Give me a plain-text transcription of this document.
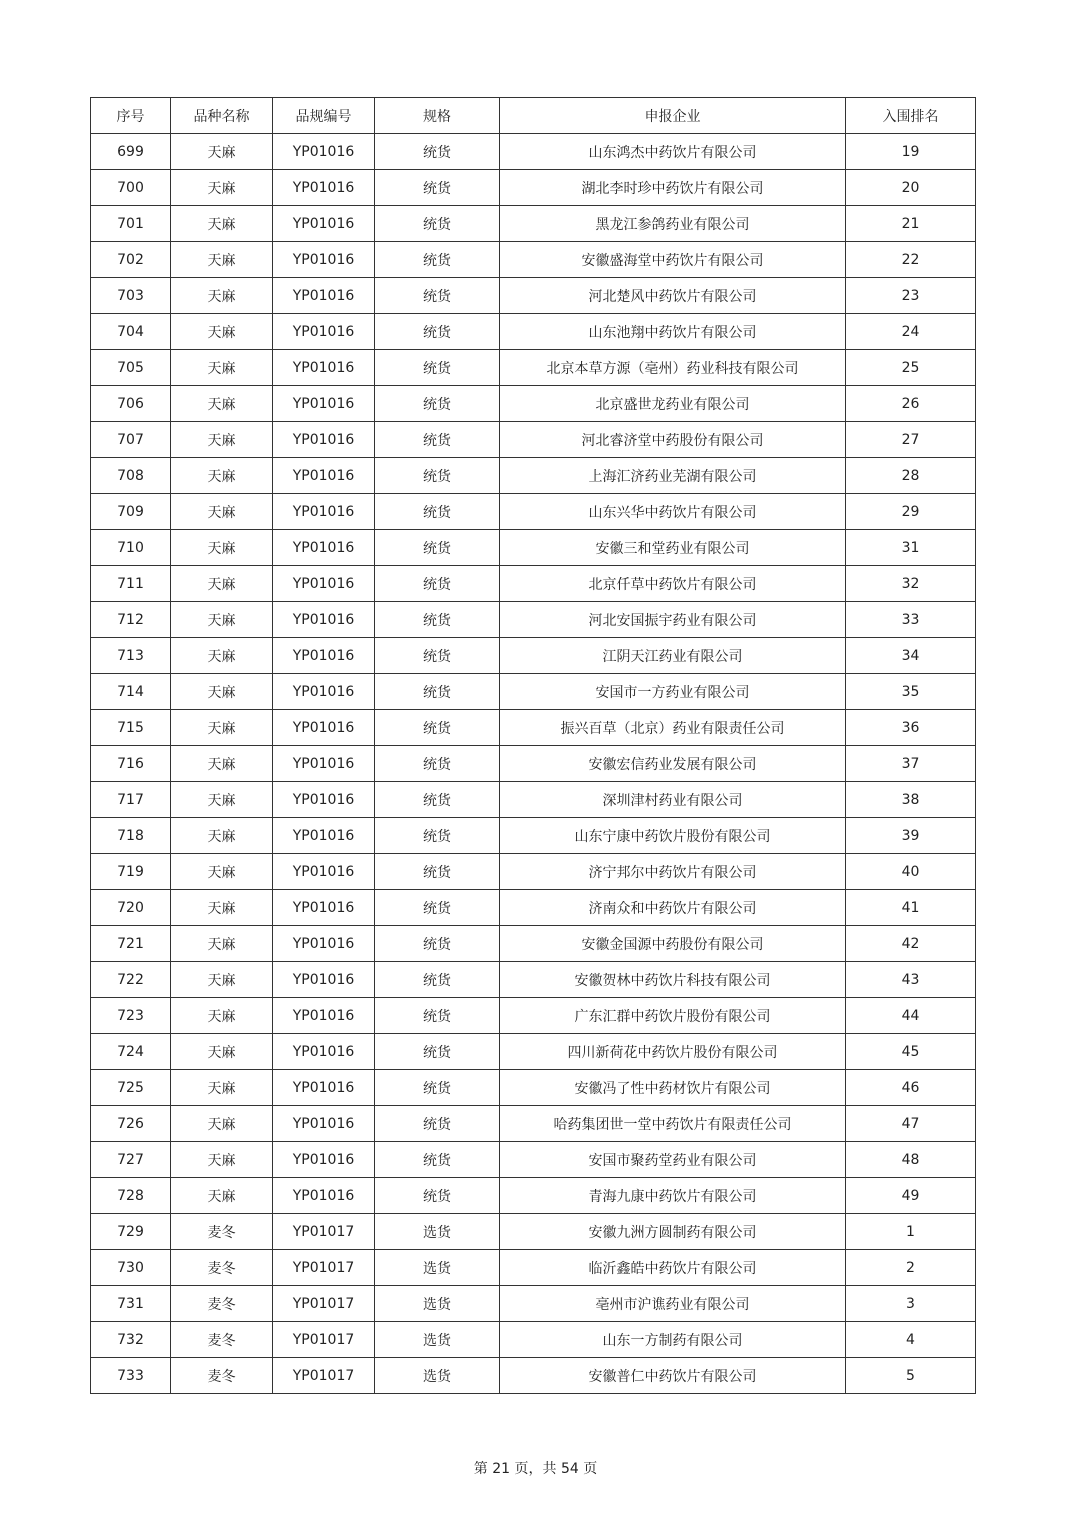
序号	品种名称	品规编号	规格	申报企业	入围排名
699	天麻	YP01016	统货	山东鸿杰中药饮片有限公司	19
700	天麻	YP01016	统货	湖北李时珍中药饮片有限公司	20
701	天麻	YP01016	统货	黑龙江参鸽药业有限公司	21
702	天麻	YP01016	统货	安徽盛海堂中药饮片有限公司	22
703	天麻	YP01016	统货	河北楚风中药饮片有限公司	23
704	天麻	YP01016	统货	山东池翔中药饮片有限公司	24
705	天麻	YP01016	统货	北京本草方源（亳州）药业科技有限公司	25
706	天麻	YP01016	统货	北京盛世龙药业有限公司	26
707	天麻	YP01016	统货	河北睿济堂中药股份有限公司	27
708	天麻	YP01016	统货	上海汇济药业芜湖有限公司	28
709	天麻	YP01016	统货	山东兴华中药饮片有限公司	29
710	天麻	YP01016	统货	安徽三和堂药业有限公司	31
711	天麻	YP01016	统货	北京仟草中药饮片有限公司	32
712	天麻	YP01016	统货	河北安国振宇药业有限公司	33
713	天麻	YP01016	统货	江阴天江药业有限公司	34
714	天麻	YP01016	统货	安国市一方药业有限公司	35
715	天麻	YP01016	统货	振兴百草（北京）药业有限责任公司	36
716	天麻	YP01016	统货	安徽宏信药业发展有限公司	37
717	天麻	YP01016	统货	深圳津村药业有限公司	38
718	天麻	YP01016	统货	山东宁康中药饮片股份有限公司	39
719	天麻	YP01016	统货	济宁邦尔中药饮片有限公司	40
720	天麻	YP01016	统货	济南众和中药饮片有限公司	41
721	天麻	YP01016	统货	安徽金国源中药股份有限公司	42
722	天麻	YP01016	统货	安徽贺林中药饮片科技有限公司	43
723	天麻	YP01016	统货	广东汇群中药饮片股份有限公司	44
724	天麻	YP01016	统货	四川新荷花中药饮片股份有限公司	45
725	天麻	YP01016	统货	安徽冯了性中药材饮片有限公司	46
726	天麻	YP01016	统货	哈药集团世一堂中药饮片有限责任公司	47
727	天麻	YP01016	统货	安国市聚药堂药业有限公司	48
728	天麻	YP01016	统货	青海九康中药饮片有限公司	49
729	麦冬	YP01017	选货	安徽九洲方圆制药有限公司	1
730	麦冬	YP01017	选货	临沂鑫皓中药饮片有限公司	2
731	麦冬	YP01017	选货	亳州市沪谯药业有限公司	3
732	麦冬	YP01017	选货	山东一方制药有限公司	4
733	麦冬	YP01017	选货	安徽普仁中药饮片有限公司	5
第 21 页，共 54 页
